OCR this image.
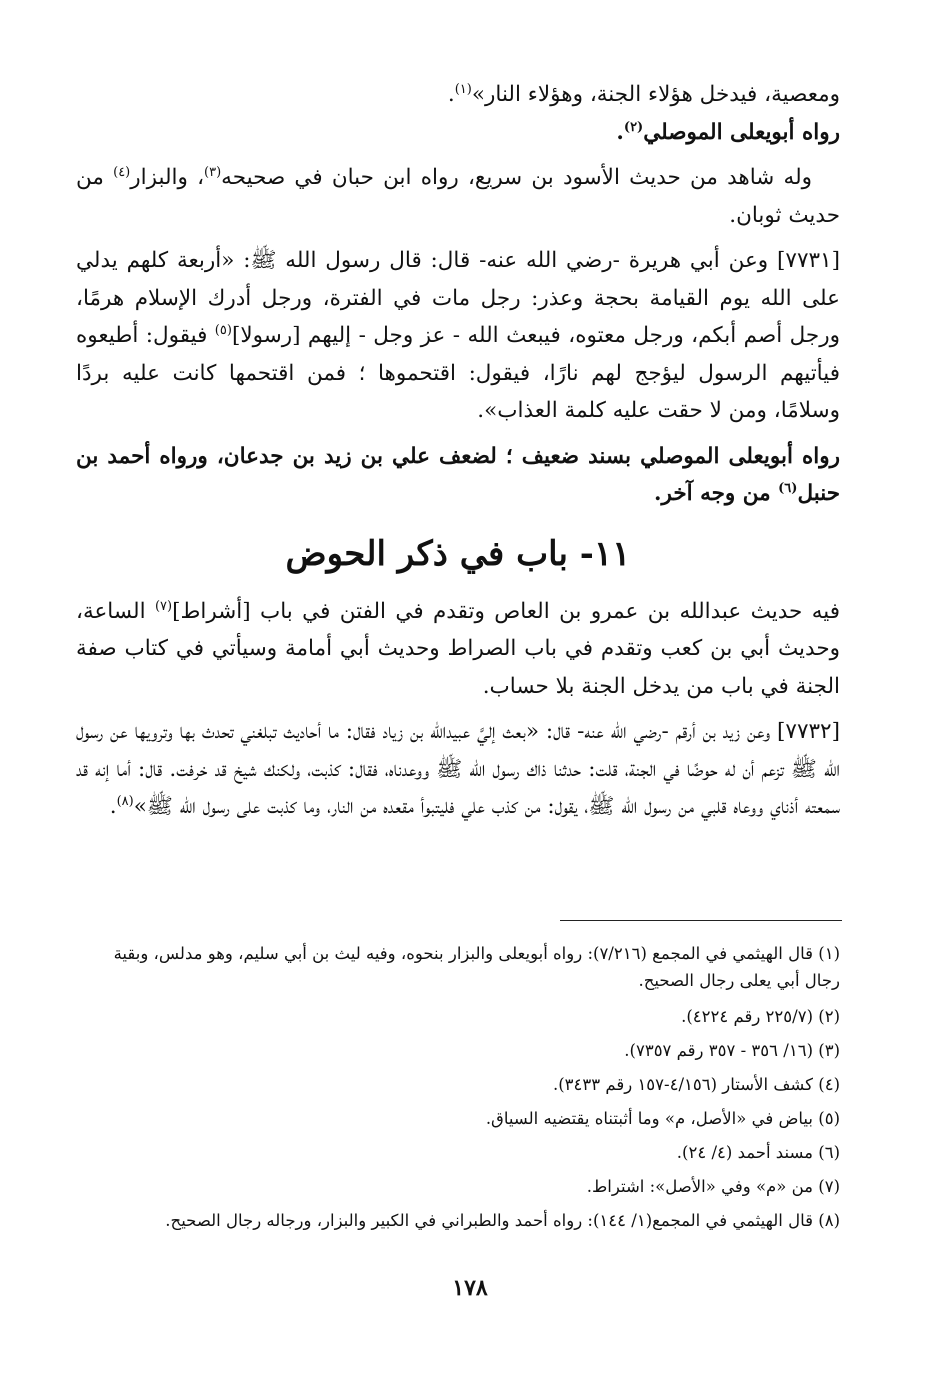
ومعصية، فيدخل هؤلاء الجنة، وهؤلاء النار»$^{(١)}$.

رواه أبويعلى الموصلي$^{(٢)}$.

وله شاهد من حديث الأسود بن سريع، رواه ابن حبان في صحيحه$^{(٣)}$، والبزار$^{(٤)}$ من حديث ثوبان.

[٧٧٣١] وعن أبي هريرة -رضي الله عنه- قال: قال رسول الله ﷺ: «أربعة كلهم يدلي على الله يوم القيامة بحجة وعذر: رجل مات في الفترة، ورجل أدرك الإسلام هرمًا، ورجل أصم أبكم، ورجل معتوه، فيبعث الله - عز وجل - إليهم [رسولا]$^{(٥)}$ فيقول: أطيعوه فيأتيهم الرسول ليؤجج لهم نارًا، فيقول: اقتحموها ؛ فمن اقتحمها كانت عليه بردًا وسلامًا، ومن لا حقت عليه كلمة العذاب».

رواه أبويعلى الموصلي بسند ضعيف ؛ لضعف علي بن زيد بن جدعان، ورواه أحمد بن حنبل$^{(٦)}$ من وجه آخر.

١١- باب في ذكر الحوض

فيه حديث عبدالله بن عمرو بن العاص وتقدم في الفتن في باب [أشراط]$^{(٧)}$ الساعة، وحديث أبي بن كعب وتقدم في باب الصراط وحديث أبي أمامة وسيأتي في كتاب صفة الجنة في باب من يدخل الجنة بلا حساب.

[٧٧٣٢] وعن زيد بن أرقم -رضي الله عنه- قال: «بعث إليَّ عبيدالله بن زياد فقال: ما أحاديث تبلغني تحدث بها وترويها عن رسول الله ﷺ تزعم أن له حوضًا في الجنة، قلت: حدثنا ذاك رسول الله ﷺ ووعدناه، فقال: كذبت، ولكنك شيخ قد خرفت. قال: أما إنه قد سمعته أذناي ووعاه قلبي من رسول الله ﷺ، يقول: من كذب علي فليتبوأ مقعده من النار، وما كذبت على رسول الله ﷺ»$^{(٨)}$.

(١) قال الهيثمي في المجمع (٧/٢١٦): رواه أبويعلى والبزار بنحوه، وفيه ليث بن أبي سليم، وهو مدلس، وبقية رجال أبي يعلى رجال الصحيح.

(٢) (٢٢٥/٧ رقم ٤٢٢٤).

(٣) (١٦/ ٣٥٦ - ٣٥٧ رقم ٧٣٥٧).

(٤) كشف الأستار (٤/١٥٦-١٥٧ رقم ٣٤٣٣).

(٥) بياض في «الأصل، م» وما أثبتناه يقتضيه السياق.

(٦) مسند أحمد (٤/ ٢٤).

(٧) من «م» وفي «الأصل»: اشتراط.

(٨) قال الهيثمي في المجمع(١/ ١٤٤): رواه أحمد والطبراني في الكبير والبزار، ورجاله رجال الصحيح.

١٧٨
